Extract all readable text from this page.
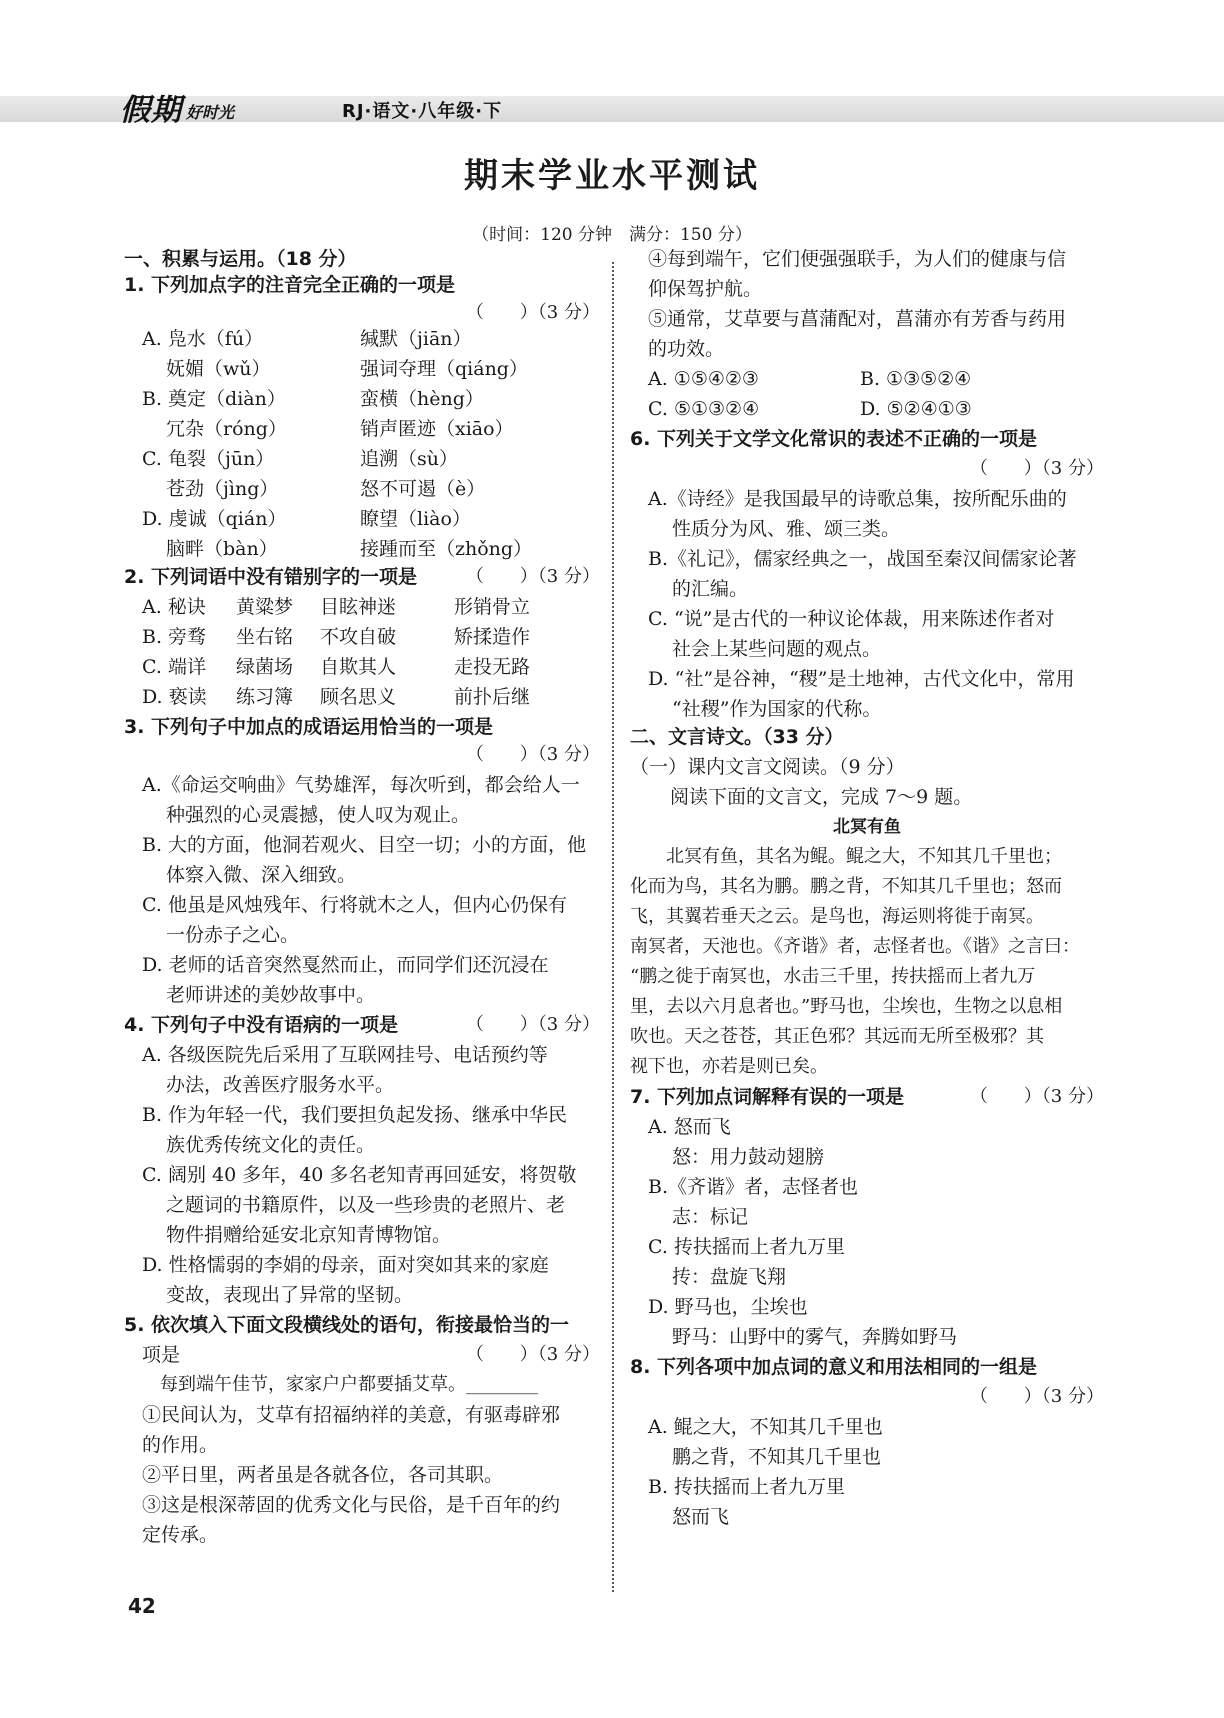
假期 好时光	RJ·语文·八年级·下
期末学业水平测试
（时间：120 分钟　满分：150 分）
一、积累与运用。（18 分）
1. 下列加点字的注音完全正确的一项是
（　　）（3 分）
A. 凫水（fú）	缄默（jiān）
妩媚（wǔ）	强词夺理（qiáng）
B. 奠定（diàn）	蛮横（hèng）
冗杂（róng）	销声匿迹（xiāo）
C. 龟裂（jūn）	追溯（sù）
苍劲（jìng）	怒不可遏（è）
D. 虔诚（qián）	瞭望（liào）
脑畔（bàn）	接踵而至（zhǒng）
2. 下列词语中没有错别字的一项是	（　　）（3 分）
A. 秘诀 黄粱梦 目眩神迷	形销骨立
B. 旁骛 坐右铭 不攻自破	矫揉造作
C. 端详 绿菌场 自欺其人	走投无路
D. 亵读 练习簿 顾名思义	前扑后继
3. 下列句子中加点的成语运用恰当的一项是
（　　）（3 分）
A.《命运交响曲》气势雄浑，每次听到，都会给人一
种强烈的心灵震撼，使人叹为观止。
B. 大的方面，他洞若观火、目空一切；小的方面，他
体察入微、深入细致。
C. 他虽是风烛残年、行将就木之人，但内心仍保有
一份赤子之心。
D. 老师的话音突然戛然而止，而同学们还沉浸在
老师讲述的美妙故事中。
4. 下列句子中没有语病的一项是	（　　）（3 分）
A. 各级医院先后采用了互联网挂号、电话预约等
办法，改善医疗服务水平。
B. 作为年轻一代，我们要担负起发扬、继承中华民
族优秀传统文化的责任。
C. 阔别 40 多年，40 多名老知青再回延安，将贺敬
之题词的书籍原件，以及一些珍贵的老照片、老
物件捐赠给延安北京知青博物馆。
D. 性格懦弱的李娟的母亲，面对突如其来的家庭
变故，表现出了异常的坚韧。
5. 依次填入下面文段横线处的语句，衔接最恰当的一
项是	（　　）（3 分）
每到端午佳节，家家户户都要插艾草。________
①民间认为，艾草有招福纳祥的美意，有驱毒辟邪
的作用。
②平日里，两者虽是各就各位，各司其职。
③这是根深蒂固的优秀文化与民俗，是千百年的约
定传承。
④每到端午，它们便强强联手，为人们的健康与信
仰保驾护航。
⑤通常，艾草要与菖蒲配对，菖蒲亦有芳香与药用
的功效。
A. ①⑤④②③	B. ①③⑤②④
C. ⑤①③②④	D. ⑤②④①③
6. 下列关于文学文化常识的表述不正确的一项是
（　　）（3 分）
A.《诗经》是我国最早的诗歌总集，按所配乐曲的
性质分为风、雅、颂三类。
B.《礼记》，儒家经典之一，战国至秦汉间儒家论著
的汇编。
C. “说”是古代的一种议论体裁，用来陈述作者对
社会上某些问题的观点。
D. “社”是谷神，“稷”是土地神，古代文化中，常用
“社稷”作为国家的代称。
二、文言诗文。（33 分）
（一）课内文言文阅读。（9 分）
阅读下面的文言文，完成 7～9 题。
北冥有鱼
北冥有鱼，其名为鲲。鲲之大，不知其几千里也；
化而为鸟，其名为鹏。鹏之背，不知其几千里也；怒而
飞，其翼若垂天之云。是鸟也，海运则将徙于南冥。
南冥者，天池也。《齐谐》者，志怪者也。《谐》之言曰：
“鹏之徙于南冥也，水击三千里，抟扶摇而上者九万
里，去以六月息者也。”野马也，尘埃也，生物之以息相
吹也。天之苍苍，其正色邪？其远而无所至极邪？其
视下也，亦若是则已矣。
7. 下列加点词解释有误的一项是	（　　）（3 分）
A. 怒而飞
怒：用力鼓动翅膀
B.《齐谐》者，志怪者也
志：标记
C. 抟扶摇而上者九万里
抟：盘旋飞翔
D. 野马也，尘埃也
野马：山野中的雾气，奔腾如野马
8. 下列各项中加点词的意义和用法相同的一组是
（　　）（3 分）
A. 鲲之大，不知其几千里也
鹏之背，不知其几千里也
B. 抟扶摇而上者九万里
怒而飞
42
